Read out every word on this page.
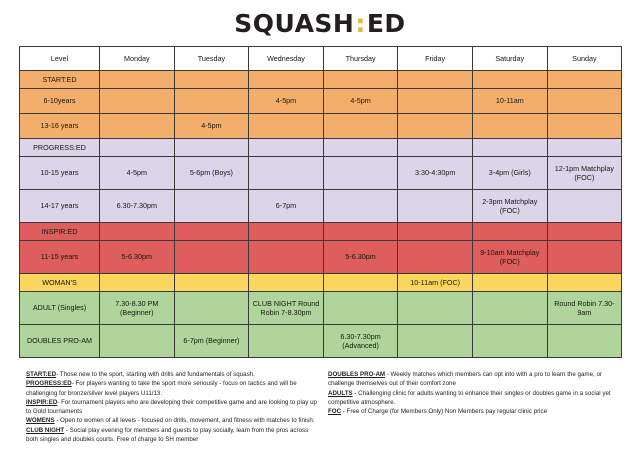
SQUASH : ED
Level	Monday	Tuesday	Wednesday	Thursday	Friday	Saturday	Sunday
START:ED							
6-10years			4-5pm	4-5pm		10-11am	
13-16 years		4-5pm					
PROGRESS:ED							
10-15 years	4-5pm	5-6pm (Boys)			3:30-4:30pm	3-4pm (Girls)	12-1pm Matchplay (FOC)
14-17 years	6.30-7.30pm		6-7pm			2-3pm Matchplay (FOC)	
INSPIR:ED							
11-15 years	5-6.30pm			5-6.30pm		9-10am Matchplay (FOC)	
WOMAN'S					10-11am (FOC)		
ADULT (Singles)	7.30-8.30 PM (Beginner)		CLUB NIGHT Round Robin 7-8.30pm				Round Robin 7.30-9am
DOUBLES PRO-AM		6-7pm (Beginner)		6.30-7.30pm (Advanced)			
START:ED- Those new to the sport, starting with drills and fundamentals of squash.
PROGRESS:ED- For players wanting to take the sport more seriously - focus on tactics and will be challenging for bronze/silver level players U11/13.
INSPIR:ED- For tournament players who are developing their competitive game and are looking to play up to Gold tournaments
WOMENS - Open to women of all levels - focused on drills, movement, and fitness with matches to finish.
CLUB NIGHT - Social play evening for members and guests to play socially, learn from the pros across both singles and doubles courts. Free of charge to SH member
DOUBLES PRO-AM - Weekly matches which members can opt into with a pro to learn the game, or challenge themselves out of their comfort zone
ADULTS - Challenging clinic for adults wanting to enhance their singles or doubles game in a social yet competitive atmosphere.
FOC - Free of Charge (for Members Only) Non Members pay regular clinic price
